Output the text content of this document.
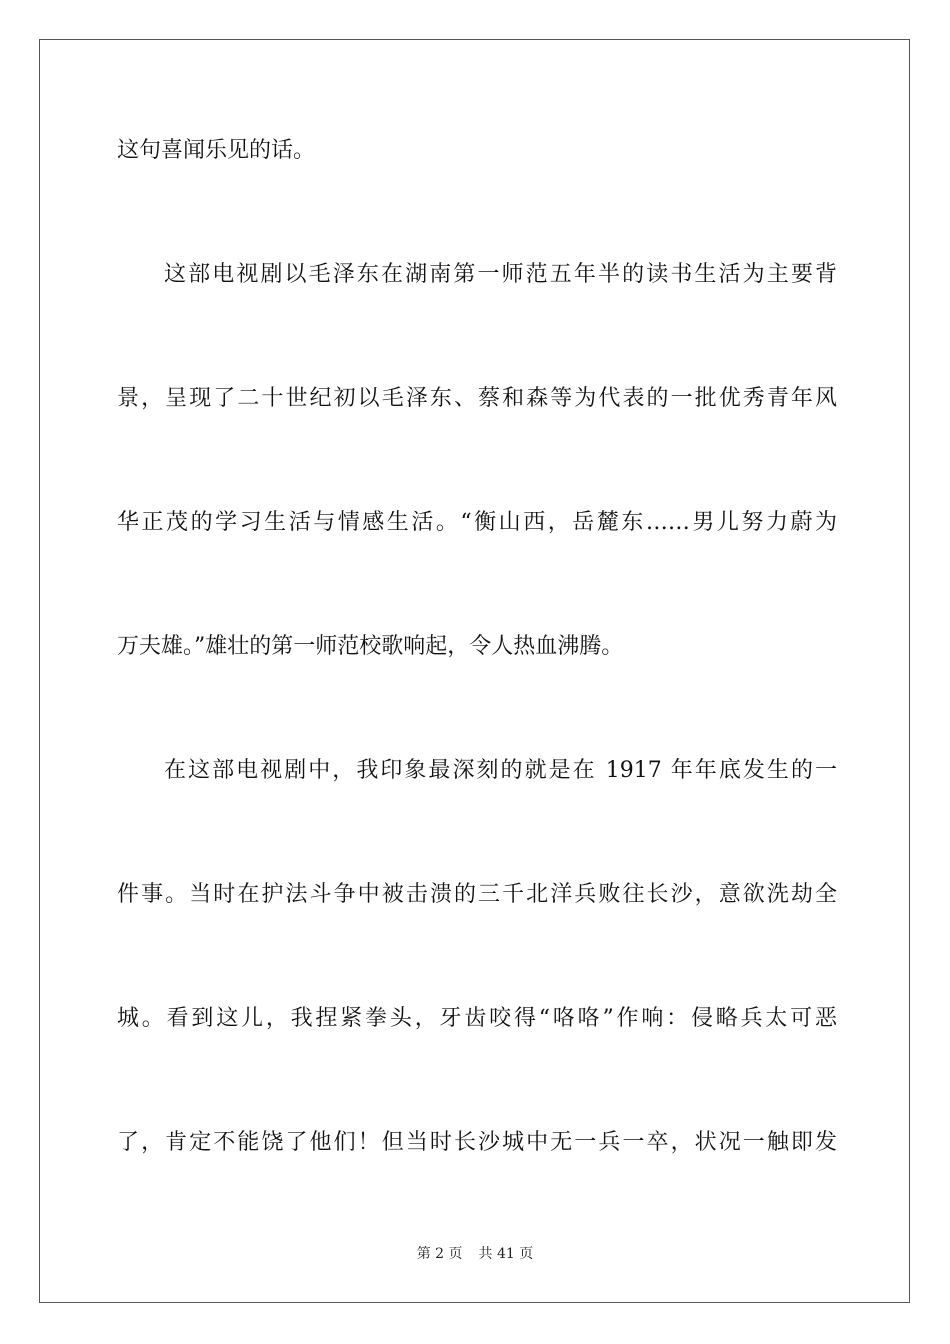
这句喜闻乐见的话。
这部电视剧以毛泽东在湖南第一师范五年半的读书生活为主要背
景，呈现了二十世纪初以毛泽东、蔡和森等为代表的一批优秀青年风
华正茂的学习生活与情感生活。“衡山西，岳麓东……男儿努力蔚为
万夫雄。”雄壮的第一师范校歌响起，令人热血沸腾。
在这部电视剧中，我印象最深刻的就是在 1917 年年底发生的一
件事。当时在护法斗争中被击溃的三千北洋兵败往长沙，意欲洗劫全
城。看到这儿，我捏紧拳头，牙齿咬得“咯咯”作响：侵略兵太可恶
了，肯定不能饶了他们！但当时长沙城中无一兵一卒，状况一触即发
第 2 页 共 41 页
